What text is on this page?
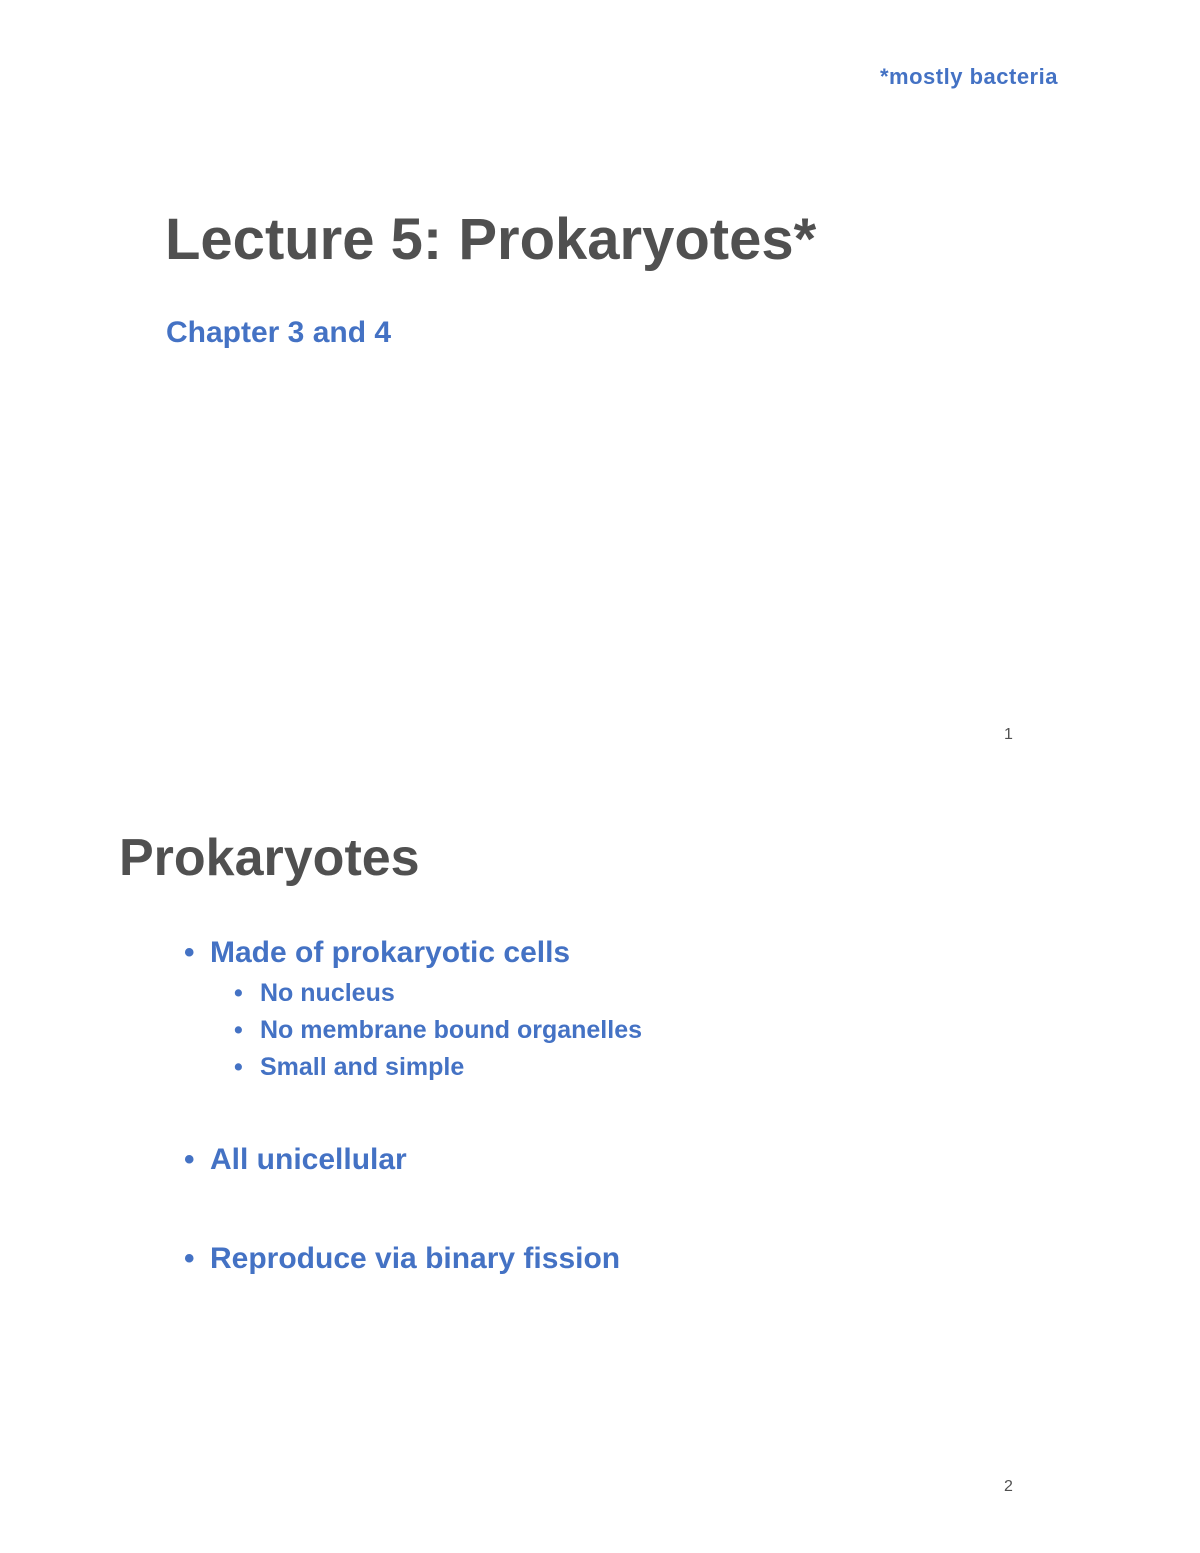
*mostly bacteria
Lecture 5: Prokaryotes*
Chapter 3 and 4
1
Prokaryotes
• Made of prokaryotic cells
• No nucleus
• No membrane bound organelles
• Small and simple
• All unicellular
• Reproduce via binary fission
2
